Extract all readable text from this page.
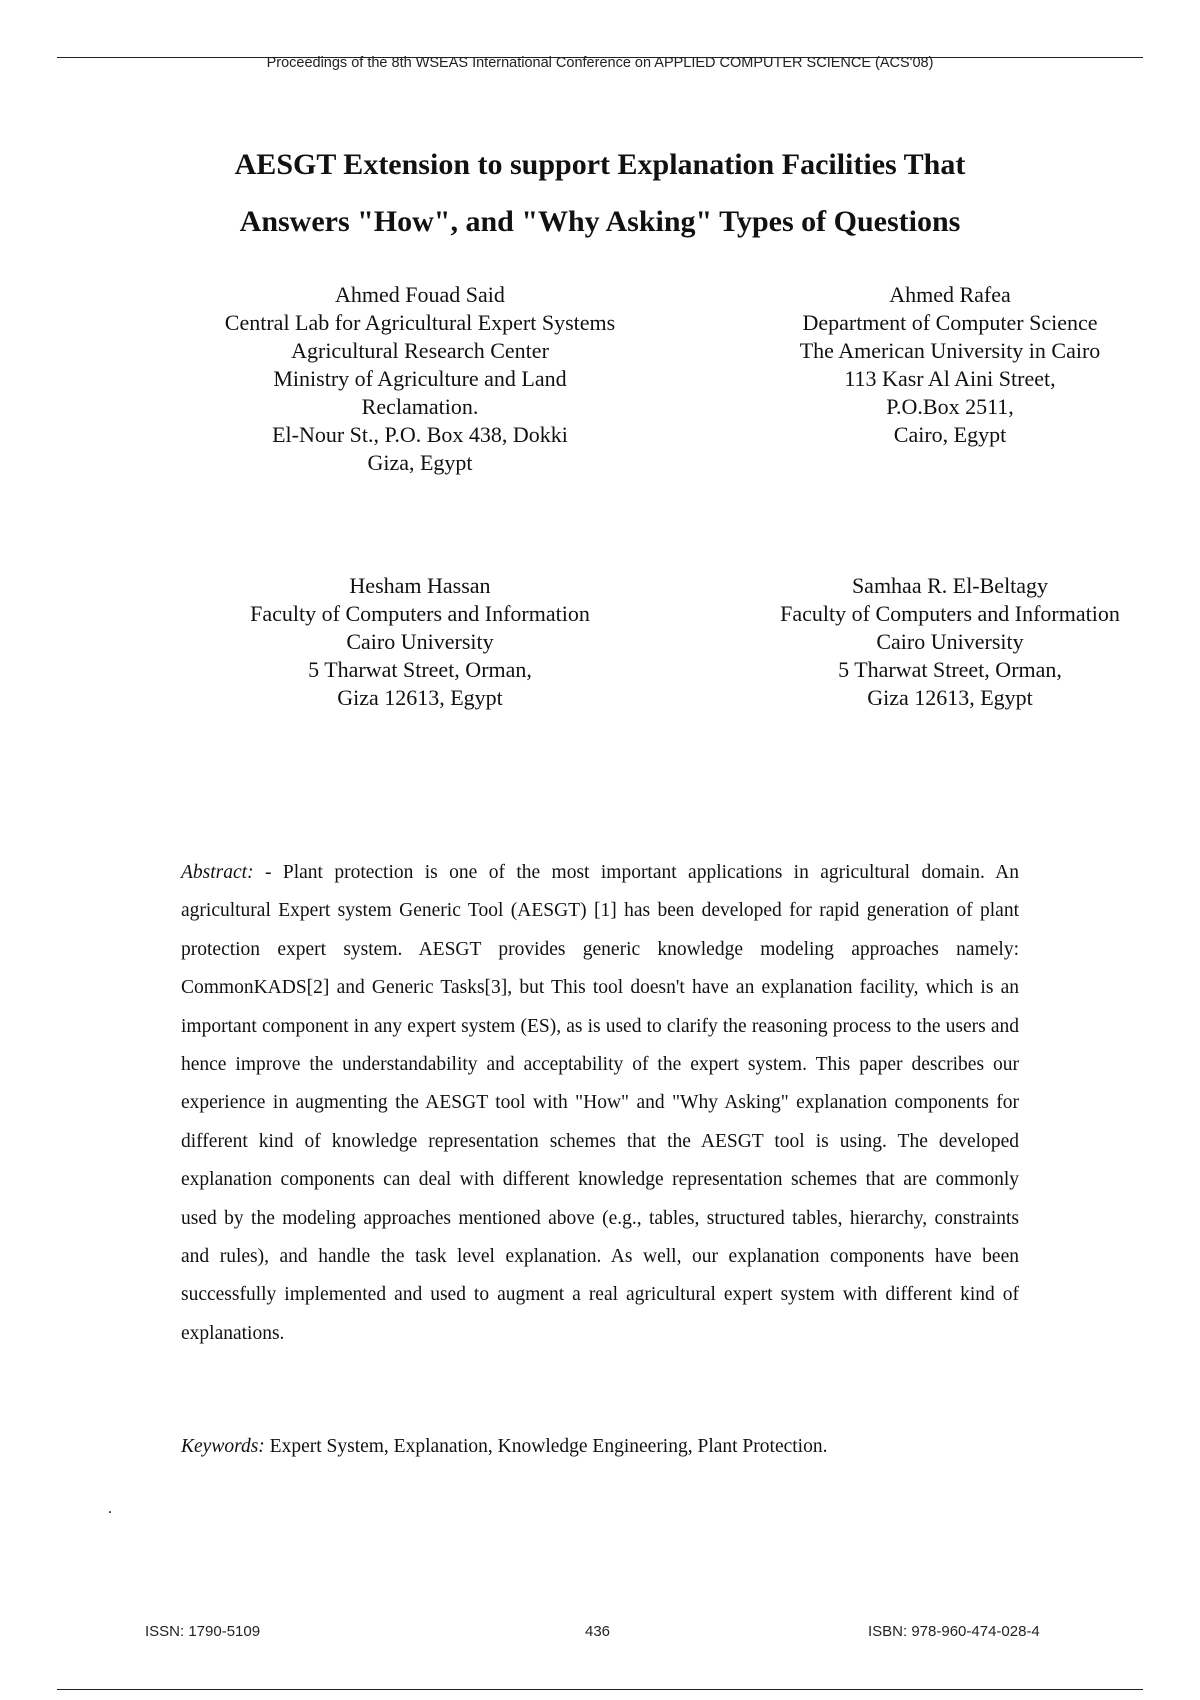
Proceedings of the 8th WSEAS International Conference on APPLIED COMPUTER SCIENCE (ACS'08)
AESGT Extension to support Explanation Facilities That
Answers "How", and "Why Asking" Types of Questions
Ahmed Fouad Said
Central Lab for Agricultural Expert Systems
Agricultural Research Center
Ministry of Agriculture and Land
Reclamation.
El-Nour St., P.O. Box 438, Dokki
Giza, Egypt
Ahmed Rafea
Department of Computer Science
The American University in Cairo
113 Kasr Al Aini Street,
P.O.Box 2511,
Cairo, Egypt
Hesham Hassan
Faculty of Computers and Information
Cairo University
5 Tharwat Street, Orman,
Giza 12613, Egypt
Samhaa R. El-Beltagy
Faculty of Computers and Information
Cairo University
5 Tharwat Street, Orman,
Giza 12613, Egypt

Abstract: - Plant protection is one of the most important applications in agricultural domain. An agricultural Expert system Generic Tool (AESGT) [1] has been developed for rapid generation of plant protection expert system. AESGT provides generic knowledge modeling approaches namely: CommonKADS[2] and Generic Tasks[3], but This tool doesn't have an explanation facility, which is an important component in any expert system (ES), as is used to clarify the reasoning process to the users and hence improve the understandability and acceptability of the expert system. This paper describes our experience in augmenting the AESGT tool with "How" and "Why Asking" explanation components for different kind of knowledge representation schemes that the AESGT tool is using. The developed explanation components can deal with different knowledge representation schemes that are commonly used by the modeling approaches mentioned above (e.g., tables, structured tables, hierarchy, constraints and rules), and handle the task level explanation. As well, our explanation components have been successfully implemented and used to augment a real agricultural expert system with different kind of explanations.

Keywords: Expert System, Explanation, Knowledge Engineering, Plant Protection.

.
ISSN: 1790-5109	436	ISBN: 978-960-474-028-4
